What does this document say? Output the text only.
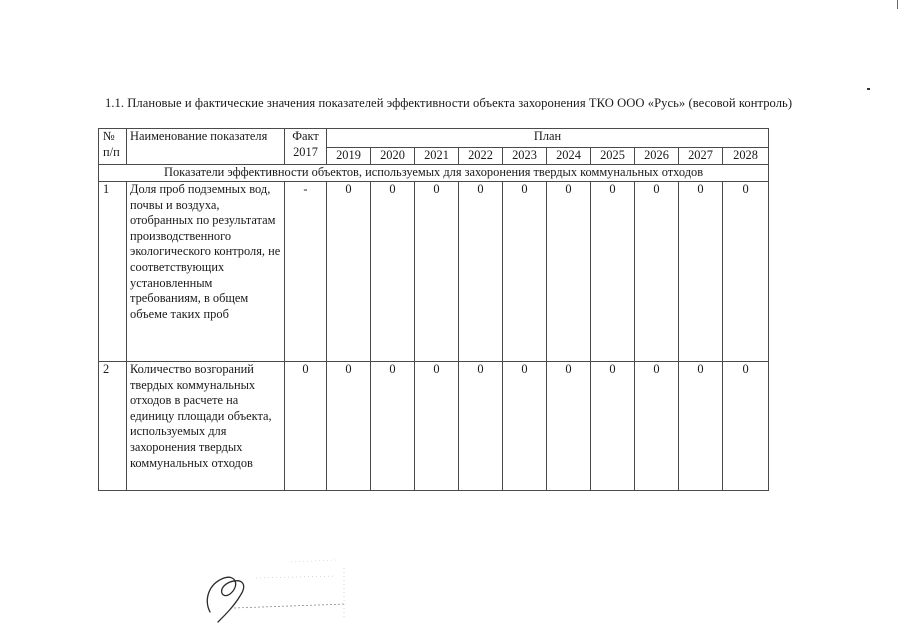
1.1. Плановые и фактические значения показателей эффективности объекта захоронения ТКО ООО «Русь» (весовой контроль)

№ п/п	Наименование показателя	Факт 2017	План									
			2019	2020	2021	2022	2023	2024	2025	2026	2027	2028
Показатели эффективности объектов, используемых для захоронения твердых коммунальных отходов												
1	Доля проб подземных вод, почвы и воздуха, отобранных по результатам производственного экологического контроля, не соответствующих установленным требованиям, в общем объеме таких проб	-	0	0	0	0	0	0	0	0	0	0
2	Количество возгораний твердых коммунальных отходов в расчете на единицу площади объекта, используемых для захоронения твердых коммунальных отходов	0	0	0	0	0	0	0	0	0	0	0
